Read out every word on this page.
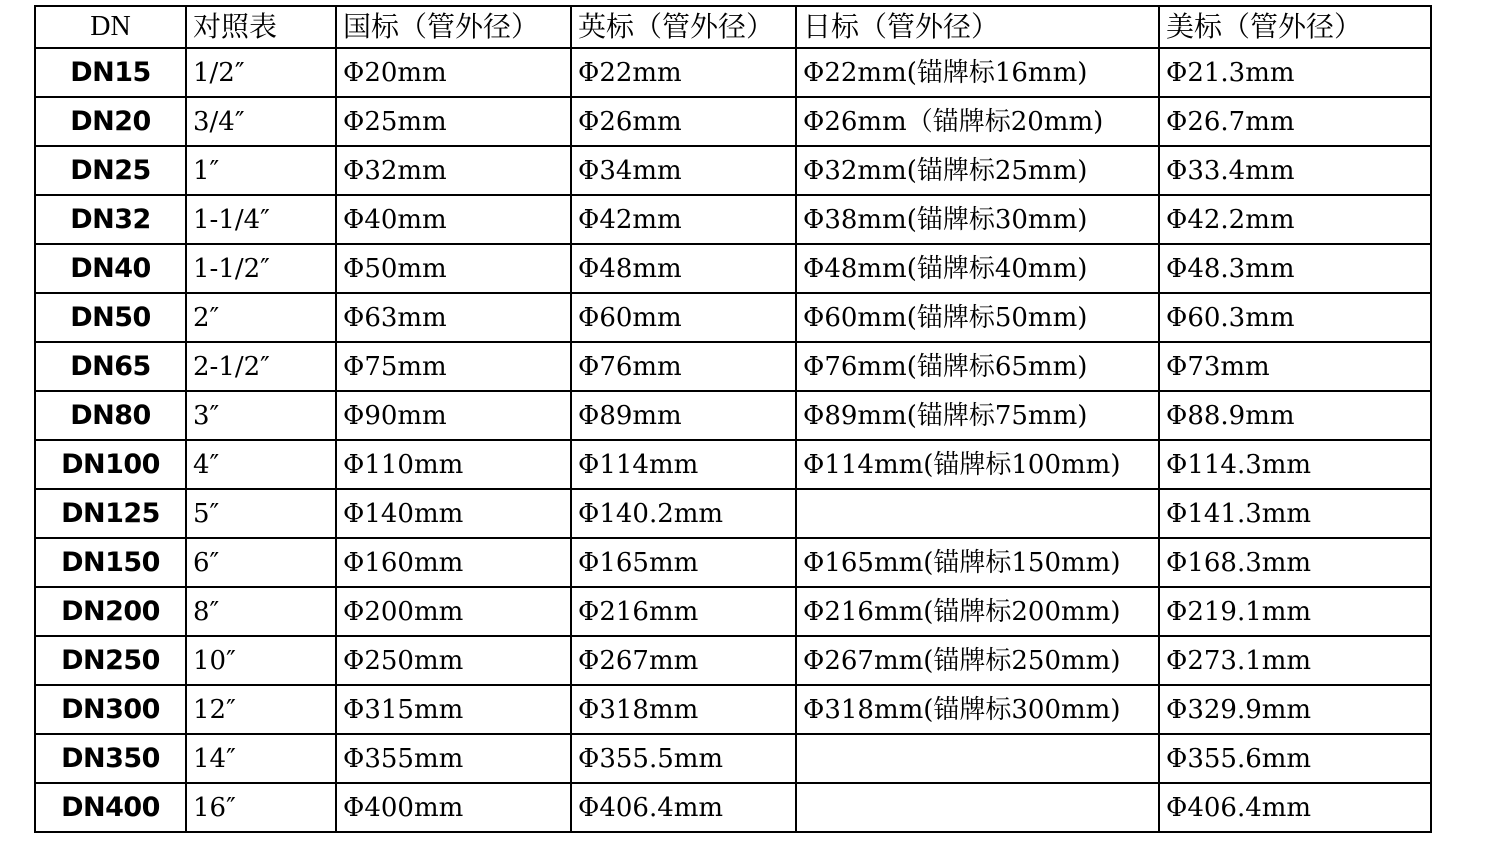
DN	对照表	国标（管外径）	英标（管外径）	日标（管外径）	美标（管外径）
DN15	1/2″	Φ20mm	Φ22mm	Φ22mm(锚牌标16mm)	Φ21.3mm
DN20	3/4″	Φ25mm	Φ26mm	Φ26mm（锚牌标20mm)	Φ26.7mm
DN25	1″	Φ32mm	Φ34mm	Φ32mm(锚牌标25mm)	Φ33.4mm
DN32	1-1/4″	Φ40mm	Φ42mm	Φ38mm(锚牌标30mm)	Φ42.2mm
DN40	1-1/2″	Φ50mm	Φ48mm	Φ48mm(锚牌标40mm)	Φ48.3mm
DN50	2″	Φ63mm	Φ60mm	Φ60mm(锚牌标50mm)	Φ60.3mm
DN65	2-1/2″	Φ75mm	Φ76mm	Φ76mm(锚牌标65mm)	Φ73mm
DN80	3″	Φ90mm	Φ89mm	Φ89mm(锚牌标75mm)	Φ88.9mm
DN100	4″	Φ110mm	Φ114mm	Φ114mm(锚牌标100mm)	Φ114.3mm
DN125	5″	Φ140mm	Φ140.2mm		Φ141.3mm
DN150	6″	Φ160mm	Φ165mm	Φ165mm(锚牌标150mm)	Φ168.3mm
DN200	8″	Φ200mm	Φ216mm	Φ216mm(锚牌标200mm)	Φ219.1mm
DN250	10″	Φ250mm	Φ267mm	Φ267mm(锚牌标250mm)	Φ273.1mm
DN300	12″	Φ315mm	Φ318mm	Φ318mm(锚牌标300mm)	Φ329.9mm
DN350	14″	Φ355mm	Φ355.5mm		Φ355.6mm
DN400	16″	Φ400mm	Φ406.4mm		Φ406.4mm
